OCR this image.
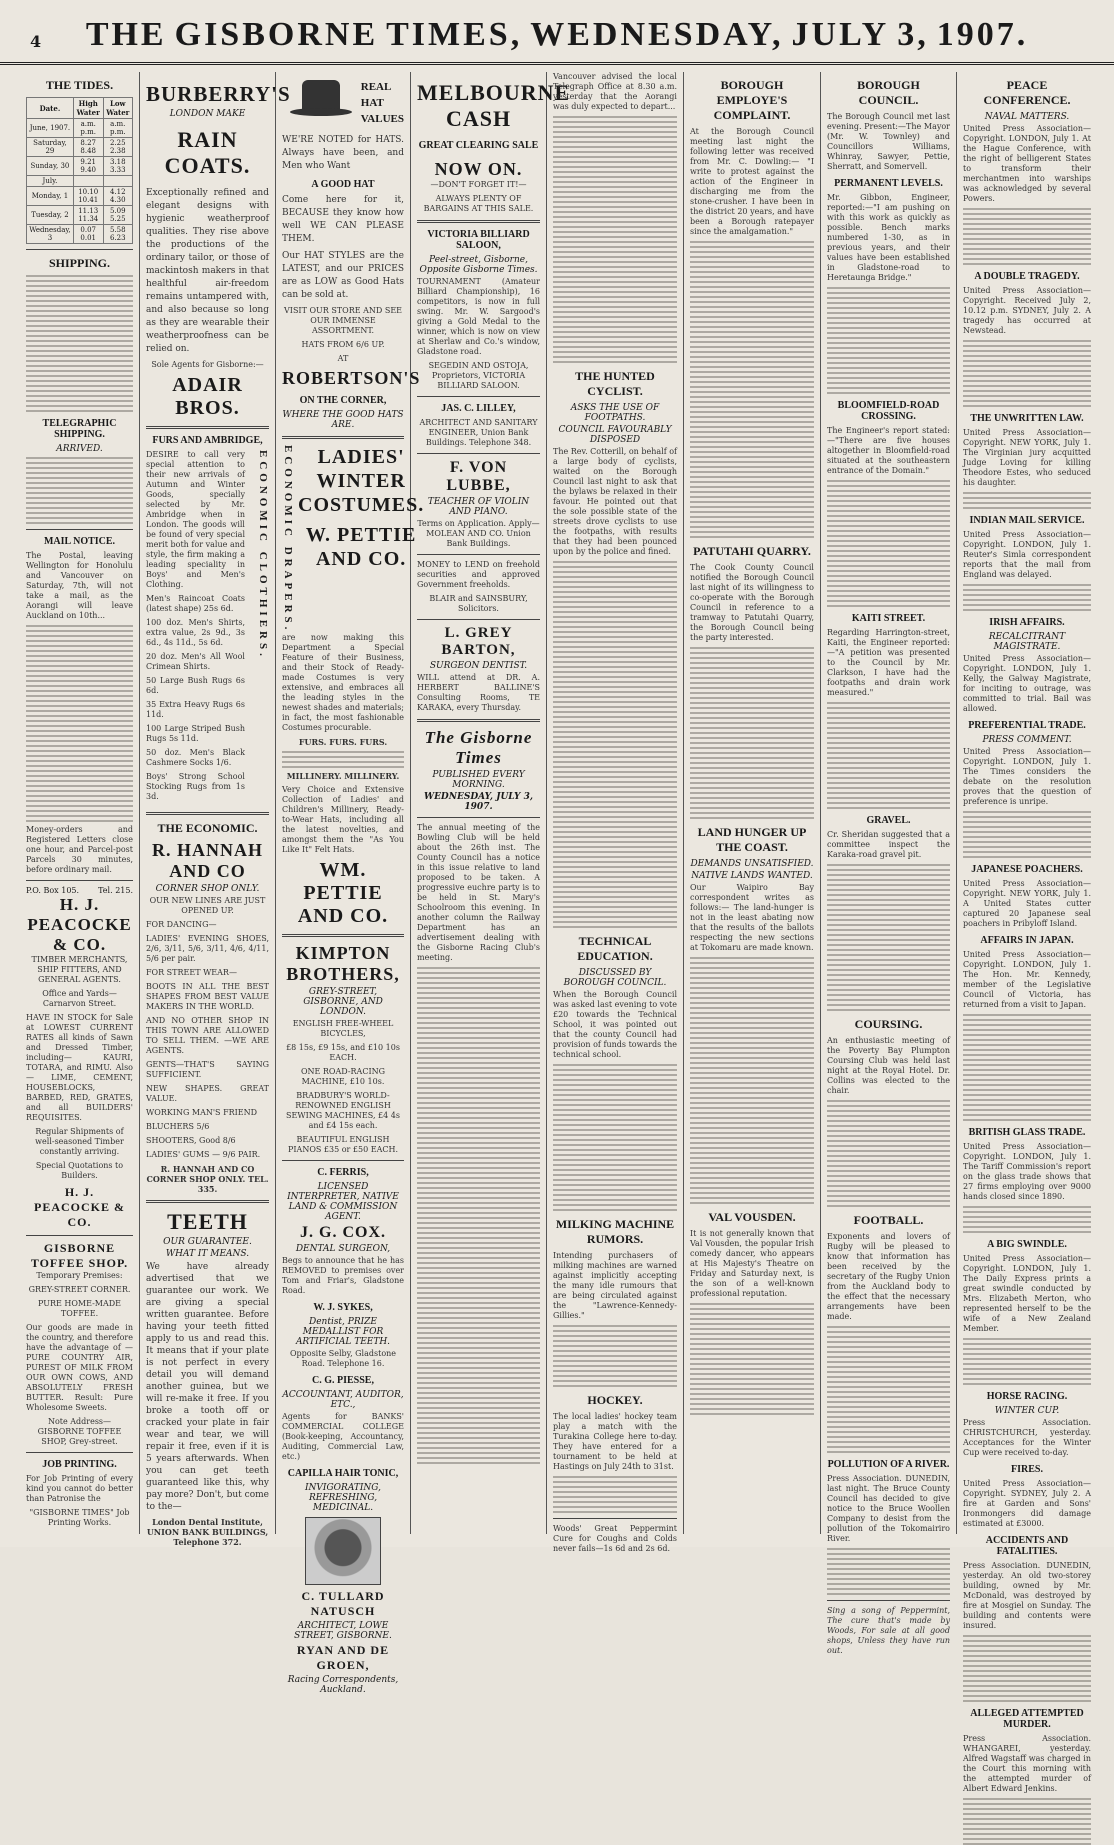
4	THE GISBORNE TIMES, WEDNESDAY, JULY 3, 1907.
THE TIDES.
Date.	High Water	Low Water
June, 1907.	a.m. p.m.	a.m. p.m.
Saturday, 29	8.27 8.48	2.25 2.38
Sunday, 30	9.21 9.40	3.18 3.33
July.		
Monday, 1	10.10 10.41	4.12 4.30
Tuesday, 2	11.13 11.34	5.09 5.25
Wednesday, 3	0.07 0.01	5.58 6.23
SHIPPING.
TELEGRAPHIC SHIPPING.
ARRIVED.
MAIL NOTICE.

The Postal, leaving Wellington for Honolulu and Vancouver on Saturday, 7th, will not take a mail, as the Aorangi will leave Auckland on 10th...

Money-orders and Registered Letters close one hour, and Parcel-post Parcels 30 minutes, before ordinary mail.

P.O. Box 105. Tel. 215.
H. J. PEACOCKE & CO.

TIMBER MERCHANTS, SHIP FITTERS, AND GENERAL AGENTS.

Office and Yards—Carnarvon Street.

HAVE IN STOCK for Sale at LOWEST CURRENT RATES all kinds of Sawn and Dressed Timber, including— KAURI, TOTARA, and RIMU. Also— LIME, CEMENT, HOUSEBLOCKS, BARBED, RED, GRATES, and all BUILDERS' REQUISITES.

Regular Shipments of well-seasoned Timber constantly arriving.

Special Quotations to Builders.

H. J. PEACOCKE & CO.
GISBORNE TOFFEE SHOP.

Temporary Premises:

GREY-STREET CORNER.

PURE HOME-MADE TOFFEE.

Our goods are made in the country, and therefore have the advantage of — PURE COUNTRY AIR, PUREST OF MILK FROM OUR OWN COWS, AND ABSOLUTELY FRESH BUTTER. Result: Pure Wholesome Sweets.

Note Address— GISBORNE TOFFEE SHOP, Grey-street.

JOB PRINTING.

For Job Printing of every kind you cannot do better than Patronise the

"GISBORNE TIMES" Job Printing Works.

BURBERRY'S
LONDON MAKE
RAIN COATS.

Exceptionally refined and elegant designs with hygienic weatherproof qualities. They rise above the productions of the ordinary tailor, or those of mackintosh makers in that healthful air-freedom remains untampered with, and also because so long as they are wearable their weatherproofness can be relied on.

Sole Agents for Gisborne:—

ADAIR BROS.
FURS AND AMBRIDGE,

DESIRE to call very special attention to their new arrivals of Autumn and Winter Goods, specially selected by Mr. Ambridge when in London. The goods will be found of very special merit both for value and style, the firm making a leading speciality in Boys' and Men's Clothing.

Men's Raincoat Coats (latest shape) 25s 6d.

100 doz. Men's Shirts, extra value, 2s 9d., 3s 6d., 4s 11d., 5s 6d.

20 doz. Men's All Wool Crimean Shirts.

50 Large Bush Rugs 6s 6d.

35 Extra Heavy Rugs 6s 11d.

100 Large Striped Bush Rugs 5s 11d.

50 doz. Men's Black Cashmere Socks 1/6.

Boys' Strong School Stocking Rugs from 1s 3d.

ECONOMIC CLOTHIERS.
THE ECONOMIC.
R. HANNAH AND CO
CORNER SHOP ONLY.

OUR NEW LINES ARE JUST OPENED UP.

FOR DANCING—

LADIES' EVENING SHOES, 2/6, 3/11, 5/6, 3/11, 4/6, 4/11, 5/6 per pair.

FOR STREET WEAR—

BOOTS IN ALL THE BEST SHAPES FROM BEST VALUE MAKERS IN THE WORLD.

AND NO OTHER SHOP IN THIS TOWN ARE ALLOWED TO SELL THEM. —WE ARE AGENTS.

GENTS—THAT'S SAYING SUFFICIENT.

NEW SHAPES. GREAT VALUE.

WORKING MAN'S FRIEND

BLUCHERS 5/6

SHOOTERS, Good 8/6

LADIES' GUMS — 9/6 PAIR.

R. HANNAH AND CO CORNER SHOP ONLY. TEL. 335.

TEETH
OUR GUARANTEE.
WHAT IT MEANS.

We have already advertised that we guarantee our work. We are giving a special written guarantee. Before having your teeth fitted apply to us and read this. It means that if your plate is not perfect in every detail you will demand another guinea, but we will re-make it free. If you broke a tooth off or cracked your plate in fair wear and tear, we will repair it free, even if it is 5 years afterwards. When you can get teeth guaranteed like this, why pay more? Don't, but come to the—

London Dental Institute, UNION BANK BUILDINGS, Telephone 372.

REAL
HAT
VALUES

WE'RE NOTED for HATS. Always have been, and Men who Want

A GOOD HAT

Come here for it, BECAUSE they know how well WE CAN PLEASE THEM.

Our HAT STYLES are the LATEST, and our PRICES are as LOW as Good Hats can be sold at.

VISIT OUR STORE AND SEE OUR IMMENSE ASSORTMENT.

HATS FROM 6/6 UP.

AT

ROBERTSON'S
ON THE CORNER,
WHERE THE GOOD HATS ARE.
ECONOMIC DRAPERS.	LADIES' WINTER COSTUMES.
W. PETTIE AND CO.

are now making this Department a Special Feature of their Business, and their Stock of Ready-made Costumes is very extensive, and embraces all the leading styles in the newest shades and materials; in fact, the most fashionable Costumes procurable.

FURS. FURS. FURS.

MILLINERY. MILLINERY.

Very Choice and Extensive Collection of Ladies' and Children's Millinery, Ready-to-Wear Hats, including all the latest novelties, and amongst them the "As You Like It" Felt Hats.

WM. PETTIE AND CO.
KIMPTON BROTHERS,
GREY-STREET, GISBORNE, AND LONDON.

ENGLISH FREE-WHEEL BICYCLES,

£8 15s, £9 15s, and £10 10s EACH.

ONE ROAD-RACING MACHINE, £10 10s.

BRADBURY'S WORLD-RENOWNED ENGLISH SEWING MACHINES, £4 4s and £4 15s each.

BEAUTIFUL ENGLISH PIANOS £35 or £50 EACH.

C. FERRIS,
LICENSED INTERPRETER, NATIVE LAND & COMMISSION AGENT.
J. G. COX.
DENTAL SURGEON,

Begs to announce that he has REMOVED to premises over Tom and Friar's, Gladstone Road.

W. J. SYKES,
Dentist, PRIZE MEDALLIST FOR ARTIFICIAL TEETH.

Opposite Selby, Gladstone Road. Telephone 16.

C. G. PIESSE,
ACCOUNTANT, AUDITOR, ETC.,

Agents for BANKS' COMMERCIAL COLLEGE (Book-keeping, Accountancy, Auditing, Commercial Law, etc.)

CAPILLA HAIR TONIC,
INVIGORATING, REFRESHING, MEDICINAL.
C. TULLARD NATUSCH
ARCHITECT, LOWE STREET, GISBORNE.
RYAN AND DE GROEN,
Racing Correspondents, Auckland.
MELBOURNE CASH
GREAT CLEARING SALE
NOW ON.

—DON'T FORGET IT!—

ALWAYS PLENTY OF BARGAINS AT THIS SALE.

VICTORIA BILLIARD SALOON,
Peel-street, Gisborne, Opposite Gisborne Times.

TOURNAMENT (Amateur Billiard Championship), 16 competitors, is now in full swing. Mr. W. Sargood's giving a Gold Medal to the winner, which is now on view at Sherlaw and Co.'s window, Gladstone road.

SEGEDIN AND OSTOJA, Proprietors, VICTORIA BILLIARD SALOON.

JAS. C. LILLEY,

ARCHITECT AND SANITARY ENGINEER, Union Bank Buildings. Telephone 348.

F. VON LUBBE,
TEACHER OF VIOLIN AND PIANO.

Terms on Application. Apply—MOLEAN AND CO. Union Bank Buildings.

MONEY to LEND on freehold securities and approved Government freeholds.

BLAIR and SAINSBURY, Solicitors.

L. GREY BARTON,
SURGEON DENTIST.

WILL attend at DR. A. HERBERT BALLINE'S Consulting Rooms, TE KARAKA, every Thursday.

The Gisborne Times
PUBLISHED EVERY MORNING.
WEDNESDAY, JULY 3, 1907.

The annual meeting of the Bowling Club will be held about the 26th inst. The County Council has a notice in this issue relative to land proposed to be taken. A progressive euchre party is to be held in St. Mary's Schoolroom this evening. In another column the Railway Department has an advertisement dealing with the Gisborne Racing Club's meeting.

Vancouver advised the local Telegraph Office at 8.30 a.m. yesterday that the Aorangi was duly expected to depart...

THE HUNTED CYCLIST.
ASKS THE USE OF FOOTPATHS.
COUNCIL FAVOURABLY DISPOSED

The Rev. Cotterill, on behalf of a large body of cyclists, waited on the Borough Council last night to ask that the bylaws be relaxed in their favour. He pointed out that the sole possible state of the streets drove cyclists to use the footpaths, with results that they had been pounced upon by the police and fined.

TECHNICAL EDUCATION.
DISCUSSED BY BOROUGH COUNCIL.

When the Borough Council was asked last evening to vote £20 towards the Technical School, it was pointed out that the county Council had provision of funds towards the technical school.

MILKING MACHINE RUMORS.

Intending purchasers of milking machines are warned against implicitly accepting the many idle rumours that are being circulated against the "Lawrence-Kennedy-Gillies."

HOCKEY.

The local ladies' hockey team play a match with the Turakina College here to-day. They have entered for a tournament to be held at Hastings on July 24th to 31st.

Woods' Great Peppermint Cure for Coughs and Colds never fails—1s 6d and 2s 6d.

BOROUGH EMPLOYE'S COMPLAINT.

At the Borough Council meeting last night the following letter was received from Mr. C. Dowling:— "I write to protest against the action of the Engineer in discharging me from the stone-crusher. I have been in the district 20 years, and have been a Borough ratepayer since the amalgamation."

PATUTAHI QUARRY.

The Cook County Council notified the Borough Council last night of its willingness to co-operate with the Borough Council in reference to a tramway to Patutahi Quarry, the Borough Council being the party interested.

LAND HUNGER UP THE COAST.
DEMANDS UNSATISFIED.
NATIVE LANDS WANTED.

Our Waipiro Bay correspondent writes as follows:— The land-hunger is not in the least abating now that the results of the ballots respecting the new sections at Tokomaru are made known.

VAL VOUSDEN.

It is not generally known that Val Vousden, the popular Irish comedy dancer, who appears at His Majesty's Theatre on Friday and Saturday next, is the son of a well-known professional reputation.

BOROUGH COUNCIL.

The Borough Council met last evening. Present:—The Mayor (Mr. W. Townley) and Councillors Williams, Whinray, Sawyer, Pettie, Sherratt, and Somervell.

PERMANENT LEVELS.

Mr. Gibbon, Engineer, reported:—"I am pushing on with this work as quickly as possible. Bench marks numbered 1-30, as in previous years, and their values have been established in Gladstone-road to Heretaunga Bridge."

BLOOMFIELD-ROAD CROSSING.

The Engineer's report stated:—"There are five houses altogether in Bloomfield-road situated at the southeastern entrance of the Domain."

KAITI STREET.

Regarding Harrington-street, Kaiti, the Engineer reported:—"A petition was presented to the Council by Mr. Clarkson, I have had the footpaths and drain work measured."

GRAVEL.

Cr. Sheridan suggested that a committee inspect the Karaka-road gravel pit.

COURSING.

An enthusiastic meeting of the Poverty Bay Plumpton Coursing Club was held last night at the Royal Hotel. Dr. Collins was elected to the chair.

FOOTBALL.

Exponents and lovers of Rugby will be pleased to know that information has been received by the secretary of the Rugby Union from the Auckland body to the effect that the necessary arrangements have been made.

POLLUTION OF A RIVER.

Press Association. DUNEDIN, last night. The Bruce County Council has decided to give notice to the Bruce Woollen Company to desist from the pollution of the Tokomairiro River.

Sing a song of Peppermint, The cure that's made by Woods, For sale at all good shops, Unless they have run out.

PEACE CONFERENCE.
NAVAL MATTERS.

United Press Association—Copyright. LONDON, July 1. At the Hague Conference, with the right of belligerent States to transform their merchantmen into warships was acknowledged by several Powers.

A DOUBLE TRAGEDY.

United Press Association—Copyright. Received July 2, 10.12 p.m. SYDNEY, July 2. A tragedy has occurred at Newstead.

THE UNWRITTEN LAW.

United Press Association—Copyright. NEW YORK, July 1. The Virginian jury acquitted Judge Loving for killing Theodore Estes, who seduced his daughter.

INDIAN MAIL SERVICE.

United Press Association—Copyright. LONDON, July 1. Reuter's Simla correspondent reports that the mail from England was delayed.

IRISH AFFAIRS.
RECALCITRANT MAGISTRATE.

United Press Association—Copyright. LONDON, July 1. Kelly, the Galway Magistrate, for inciting to outrage, was committed to trial. Bail was allowed.

PREFERENTIAL TRADE.
PRESS COMMENT.

United Press Association—Copyright. LONDON, July 1. The Times considers the debate on the resolution proves that the question of preference is unripe.

JAPANESE POACHERS.

United Press Association—Copyright. NEW YORK, July 1. A United States cutter captured 20 Japanese seal poachers in Pribyloff Island.

AFFAIRS IN JAPAN.

United Press Association—Copyright. LONDON, July 1. The Hon. Mr. Kennedy, member of the Legislative Council of Victoria, has returned from a visit to Japan.

BRITISH GLASS TRADE.

United Press Association—Copyright. LONDON, July 1. The Tariff Commission's report on the glass trade shows that 27 firms employing over 9000 hands closed since 1890.

A BIG SWINDLE.

United Press Association—Copyright. LONDON, July 1. The Daily Express prints a great swindle conducted by Mrs. Elizabeth Merton, who represented herself to be the wife of a New Zealand Member.

HORSE RACING.
WINTER CUP.

Press Association. CHRISTCHURCH, yesterday. Acceptances for the Winter Cup were received to-day.

FIRES.

United Press Association—Copyright. SYDNEY, July 2. A fire at Garden and Sons' Ironmongers did damage estimated at £3000.

ACCIDENTS AND FATALITIES.

Press Association. DUNEDIN, yesterday. An old two-storey building, owned by Mr. McDonald, was destroyed by fire at Mosgiel on Sunday. The building and contents were insured.

ALLEGED ATTEMPTED MURDER.

Press Association. WHANGAREI, yesterday. Alfred Wagstaff was charged in the Court this morning with the attempted murder of Albert Edward Jenkins.
